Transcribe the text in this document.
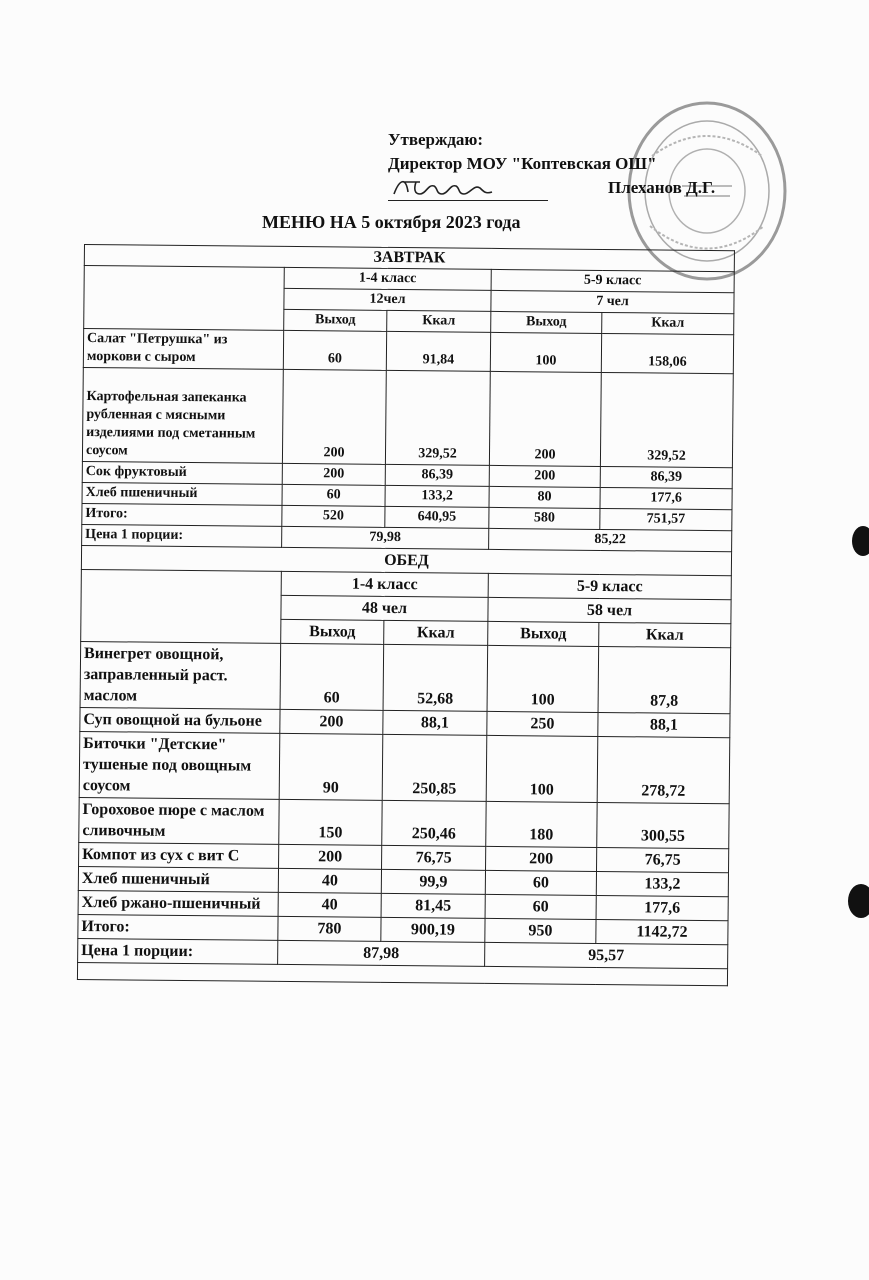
Утверждаю:
Директор МОУ "Коптевская ОШ"
Плеханов Д.Г.
МЕНЮ НА 5 октября 2023 года
ЗАВТРАК				
	1-4 класс		5-9 класс	
	12чел		7 чел	
	Выход	Ккал	Выход	Ккал
Салат "Петрушка" из моркови с сыром	60	91,84	100	158,06
Картофельная запеканка рубленная с мясными изделиями под сметанным соусом	200	329,52	200	329,52
Сок фруктовый	200	86,39	200	86,39
Хлеб пшеничный	60	133,2	80	177,6
Итого:	520	640,95	580	751,57
Цена 1 порции:	79,98		85,22	
ОБЕД				
	1-4 класс		5-9 класс	
	48 чел		58 чел	
	Выход	Ккал	Выход	Ккал
Винегрет овощной, заправленный раст. маслом	60	52,68	100	87,8
Суп овощной на бульоне	200	88,1	250	88,1
Биточки "Детские" тушеные под овощным соусом	90	250,85	100	278,72
Гороховое пюре с маслом сливочным	150	250,46	180	300,55
Компот из сух с вит С	200	76,75	200	76,75
Хлеб пшеничный	40	99,9	60	133,2
Хлеб ржано-пшеничный	40	81,45	60	177,6
Итого:	780	900,19	950	1142,72
Цена 1 порции:	87,98		95,57	
